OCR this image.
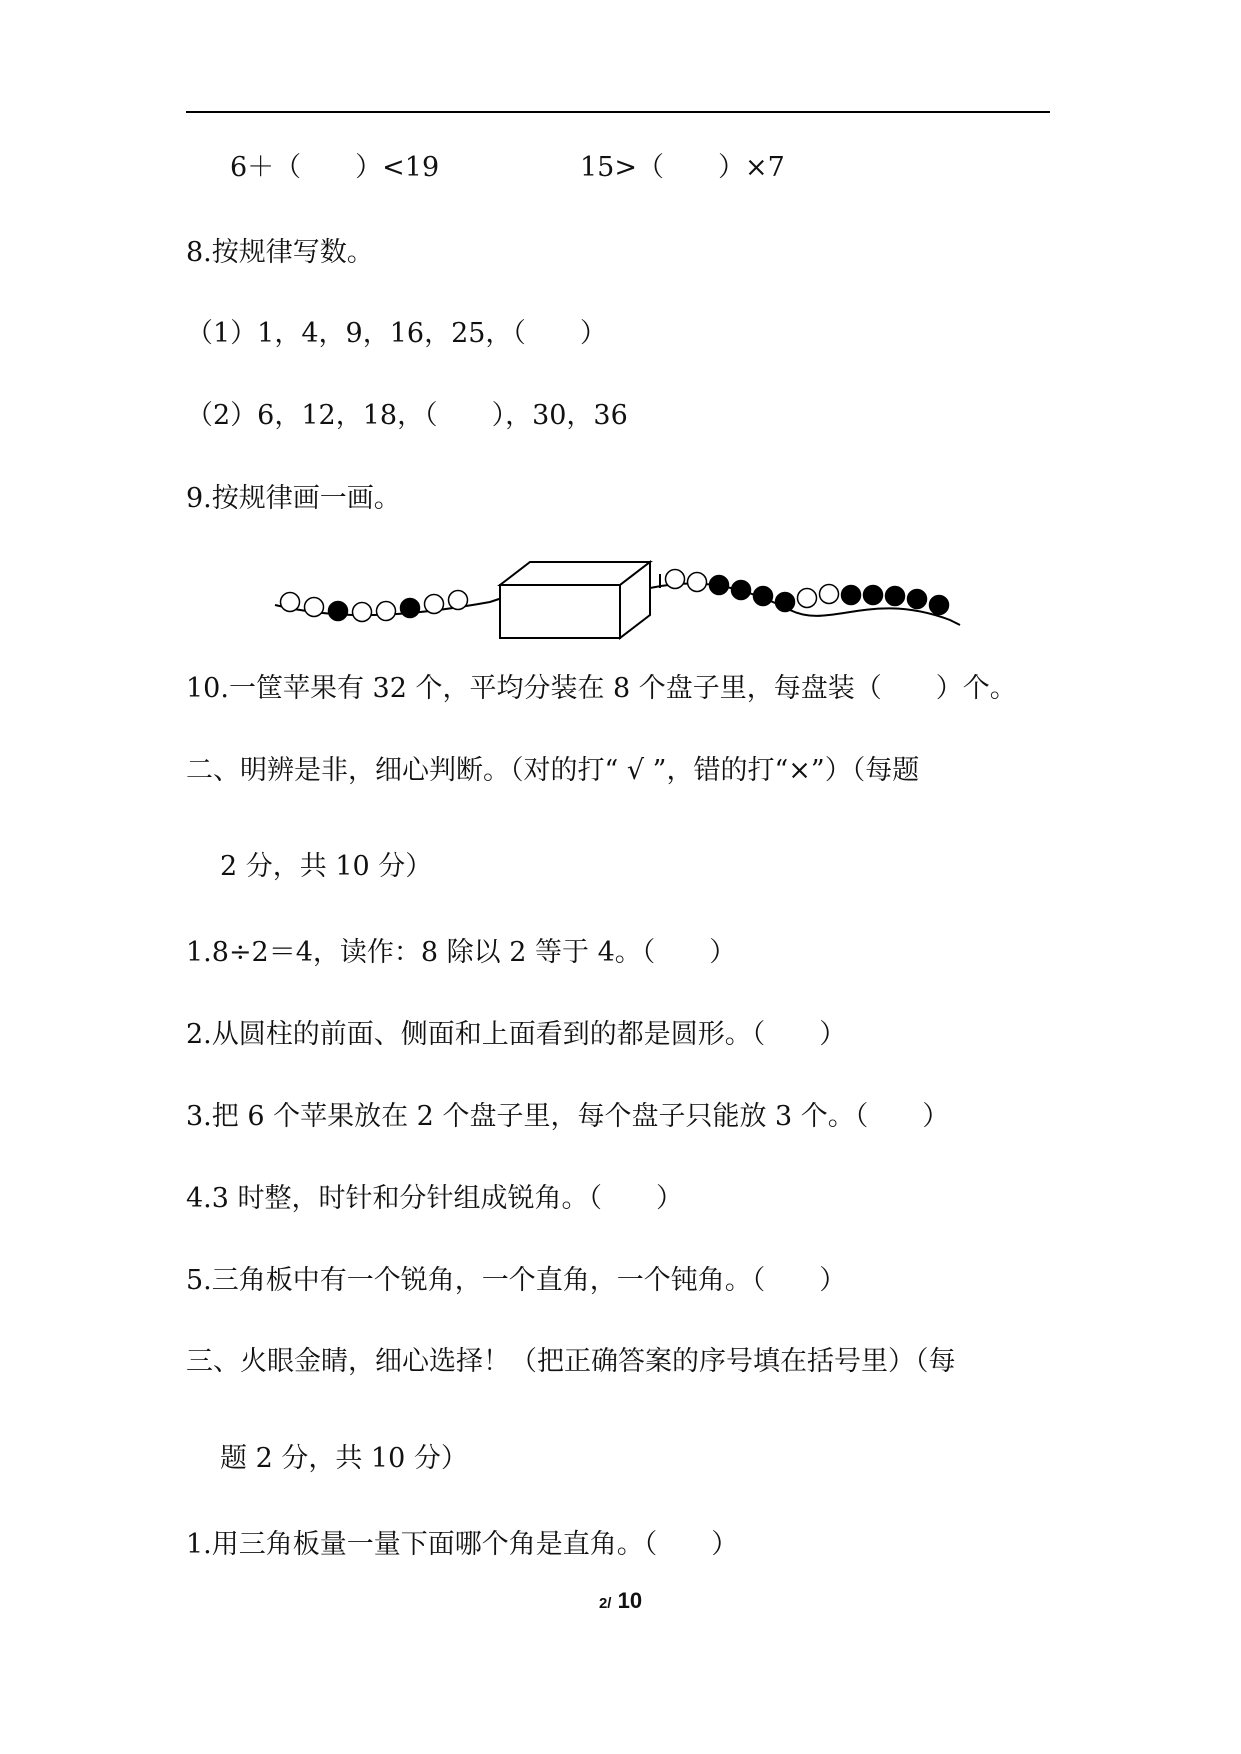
6＋（　　）<19	15>（　　）×7
8.按规律写数。
（1）1，4，9，16，25，（　　）
（2）6，12，18，（　　），30，36
9.按规律画一画。
10.一筐苹果有 32 个，平均分装在 8 个盘子里，每盘装（　　）个。
二、明辨是非，细心判断。（对的打“ √ ”，错的打“×”）（每题
2 分，共 10 分）
1.8÷2＝4，读作：8 除以 2 等于 4。（　　）
2.从圆柱的前面、侧面和上面看到的都是圆形。（　　）
3.把 6 个苹果放在 2 个盘子里，每个盘子只能放 3 个。（　　）
4.3 时整，时针和分针组成锐角。（　　）
5.三角板中有一个锐角，一个直角，一个钝角。（　　）
三、火眼金睛，细心选择！（把正确答案的序号填在括号里）（每
题 2 分，共 10 分）
1.用三角板量一量下面哪个角是直角。（　　）
2/ 10
